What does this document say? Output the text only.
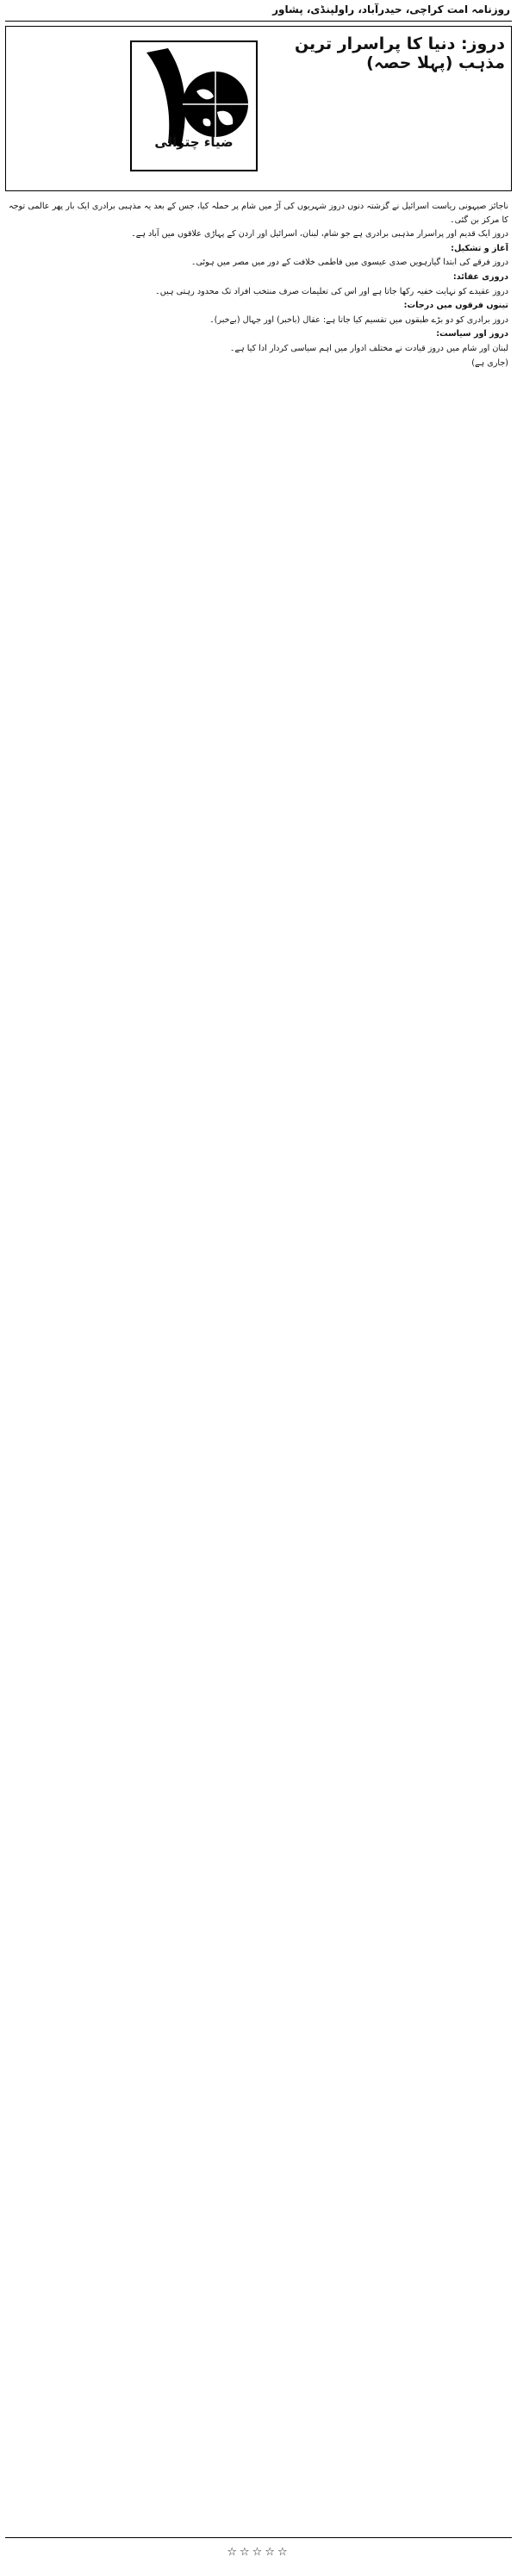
روزنامہ امت کراچی، حیدرآباد، راولپنڈی، پشاور
دروز: دنیا کا پراسرار ترین مذہب (پہلا حصہ)
ضیاء چترالی

ناجائز صیہونی ریاست اسرائیل نے گزشتہ دنوں دروز شہریوں کی آڑ میں شام پر حملہ کیا، جس کے بعد یہ مذہبی برادری ایک بار پھر عالمی توجہ کا مرکز بن گئی۔

دروز ایک قدیم اور پراسرار مذہبی برادری ہے جو شام، لبنان، اسرائیل اور اردن کے پہاڑی علاقوں میں آباد ہے۔

آغاز و تشکیل:

دروز فرقے کی ابتدا گیارہویں صدی عیسوی میں فاطمی خلافت کے دور میں مصر میں ہوئی۔

دروزی عقائد:

دروز عقیدے کو نہایت خفیہ رکھا جاتا ہے اور اس کی تعلیمات صرف منتخب افراد تک محدود رہتی ہیں۔

تینوں فرقوں میں درجات:

دروز برادری کو دو بڑے طبقوں میں تقسیم کیا جاتا ہے: عقال (باخبر) اور جہال (بےخبر)۔

دروز اور سیاست:

لبنان اور شام میں دروز قیادت نے مختلف ادوار میں اہم سیاسی کردار ادا کیا ہے۔

(جاری ہے)

☆☆☆☆☆
